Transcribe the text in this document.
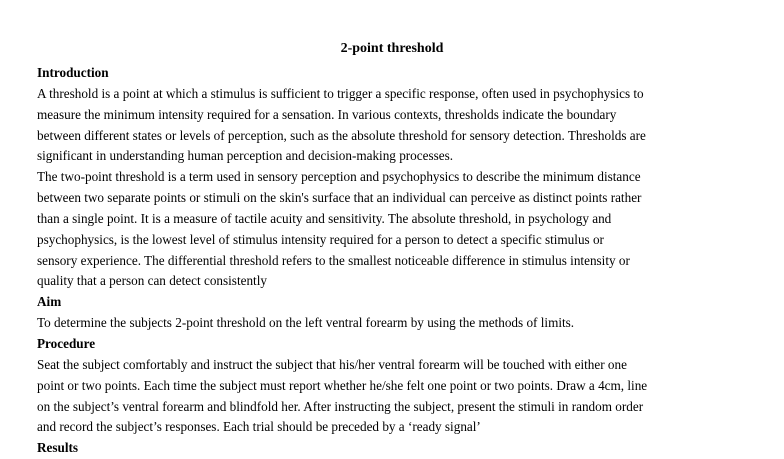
2-point threshold
Introduction
A threshold is a point at which a stimulus is sufficient to trigger a specific response, often used in psychophysics to
measure the minimum intensity required for a sensation. In various contexts, thresholds indicate the boundary
between different states or levels of perception, such as the absolute threshold for sensory detection. Thresholds are
significant in understanding human perception and decision-making processes.
The two-point threshold is a term used in sensory perception and psychophysics to describe the minimum distance
between two separate points or stimuli on the skin's surface that an individual can perceive as distinct points rather
than a single point. It is a measure of tactile acuity and sensitivity. The absolute threshold, in psychology and
psychophysics, is the lowest level of stimulus intensity required for a person to detect a specific stimulus or
sensory experience. The differential threshold refers to the smallest noticeable difference in stimulus intensity or
quality that a person can detect consistently
Aim
To determine the subjects 2-point threshold on the left ventral forearm by using the methods of limits.
Procedure
Seat the subject comfortably and instruct the subject that his/her ventral forearm will be touched with either one
point or two points. Each time the subject must report whether he/she felt one point or two points. Draw a 4cm, line
on the subject’s ventral forearm and blindfold her. After instructing the subject, present the stimuli in random order
and record the subject’s responses. Each trial should be preceded by a ‘ready signal’
Results
